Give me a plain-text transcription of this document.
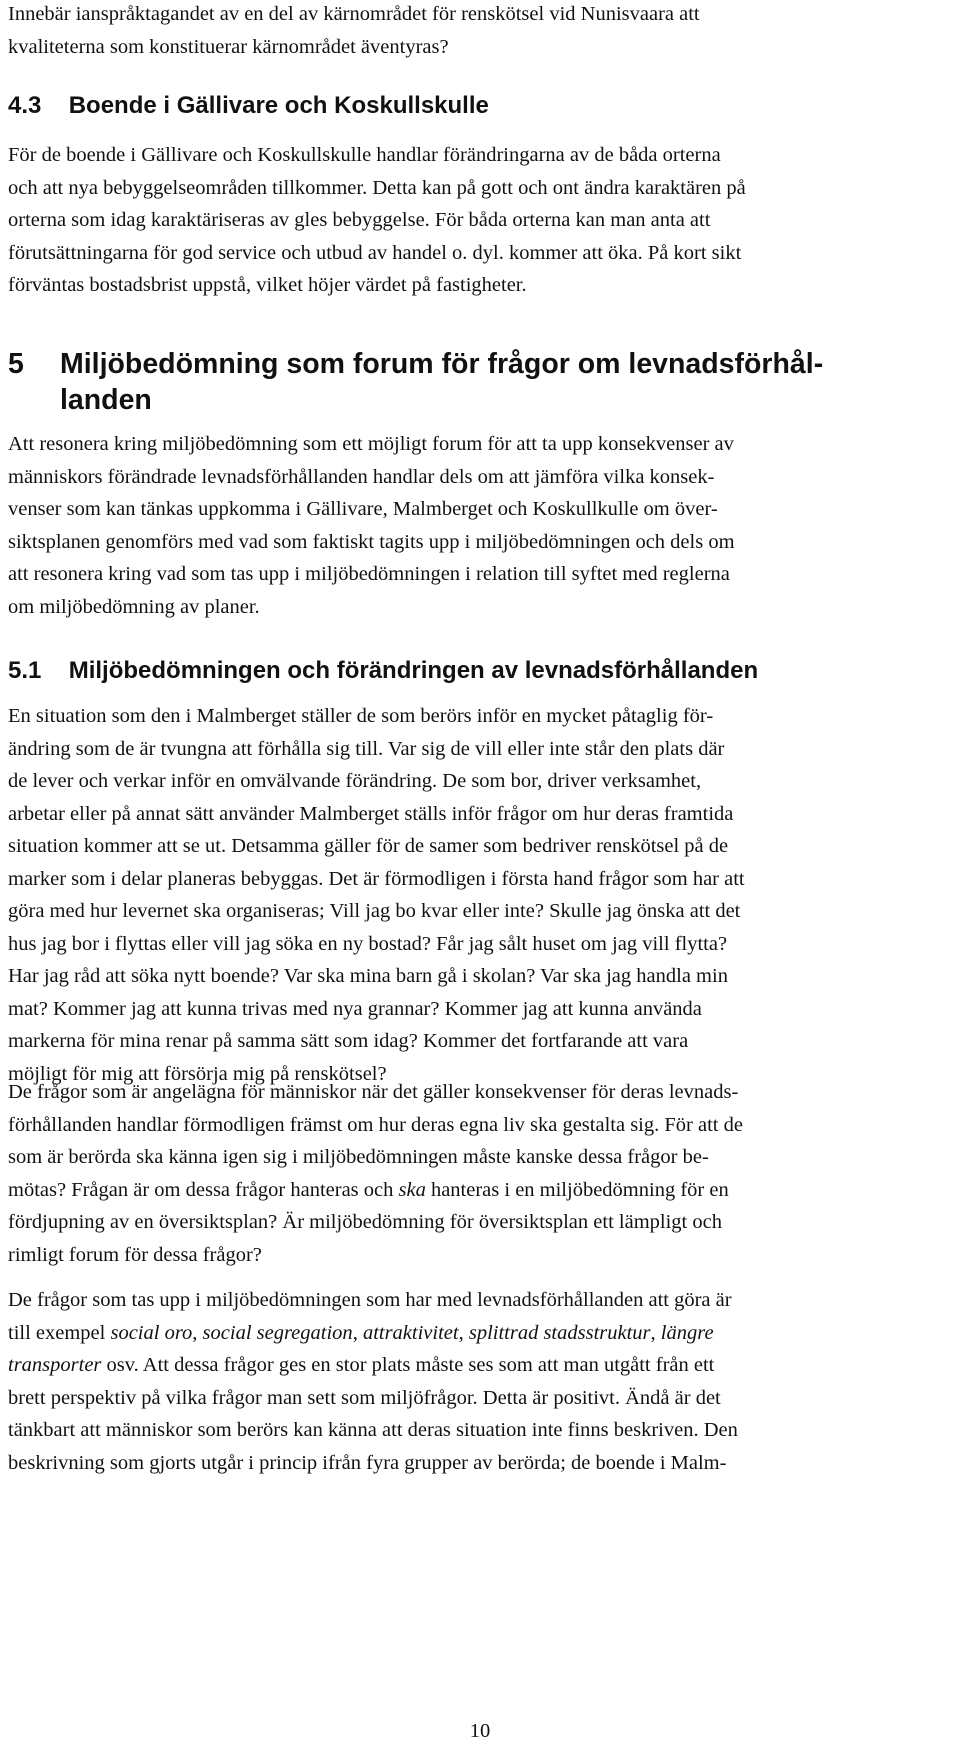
Innebär ianspråktagandet av en del av kärnområdet för renskötsel vid Nunisvaara att
kvaliteterna som konstituerar kärnområdet äventyras?
4.3 Boende i Gällivare och Koskullskulle
För de boende i Gällivare och Koskullskulle handlar förändringarna av de båda orterna
och att nya bebyggelseområden tillkommer. Detta kan på gott och ont ändra karaktären på
orterna som idag karaktäriseras av gles bebyggelse. För båda orterna kan man anta att
förutsättningarna för god service och utbud av handel o. dyl. kommer att öka. På kort sikt
förväntas bostadsbrist uppstå, vilket höjer värdet på fastigheter.
5 Miljöbedömning som forum för frågor om levnadsförhål-
landen
Att resonera kring miljöbedömning som ett möjligt forum för att ta upp konsekvenser av
människors förändrade levnadsförhållanden handlar dels om att jämföra vilka konsek-
venser som kan tänkas uppkomma i Gällivare, Malmberget och Koskullkulle om över-
siktsplanen genomförs med vad som faktiskt tagits upp i miljöbedömningen och dels om
att resonera kring vad som tas upp i miljöbedömningen i relation till syftet med reglerna
om miljöbedömning av planer.
5.1 Miljöbedömningen och förändringen av levnadsförhållanden
En situation som den i Malmberget ställer de som berörs inför en mycket påtaglig för-
ändring som de är tvungna att förhålla sig till. Var sig de vill eller inte står den plats där
de lever och verkar inför en omvälvande förändring. De som bor, driver verksamhet,
arbetar eller på annat sätt använder Malmberget ställs inför frågor om hur deras framtida
situation kommer att se ut. Detsamma gäller för de samer som bedriver renskötsel på de
marker som i delar planeras bebyggas. Det är förmodligen i första hand frågor som har att
göra med hur levernet ska organiseras; Vill jag bo kvar eller inte? Skulle jag önska att det
hus jag bor i flyttas eller vill jag söka en ny bostad? Får jag sålt huset om jag vill flytta?
Har jag råd att söka nytt boende? Var ska mina barn gå i skolan? Var ska jag handla min
mat? Kommer jag att kunna trivas med nya grannar? Kommer jag att kunna använda
markerna för mina renar på samma sätt som idag? Kommer det fortfarande att vara
möjligt för mig att försörja mig på renskötsel?
De frågor som är angelägna för människor när det gäller konsekvenser för deras levnads-
förhållanden handlar förmodligen främst om hur deras egna liv ska gestalta sig. För att de
som är berörda ska känna igen sig i miljöbedömningen måste kanske dessa frågor be-
mötas? Frågan är om dessa frågor hanteras och ska hanteras i en miljöbedömning för en
fördjupning av en översiktsplan? Är miljöbedömning för översiktsplan ett lämpligt och
rimligt forum för dessa frågor?
De frågor som tas upp i miljöbedömningen som har med levnadsförhållanden att göra är
till exempel social oro, social segregation, attraktivitet, splittrad stadsstruktur, längre
transporter osv. Att dessa frågor ges en stor plats måste ses som att man utgått från ett
brett perspektiv på vilka frågor man sett som miljöfrågor. Detta är positivt. Ändå är det
tänkbart att människor som berörs kan känna att deras situation inte finns beskriven. Den
beskrivning som gjorts utgår i princip ifrån fyra grupper av berörda; de boende i Malm-
10
